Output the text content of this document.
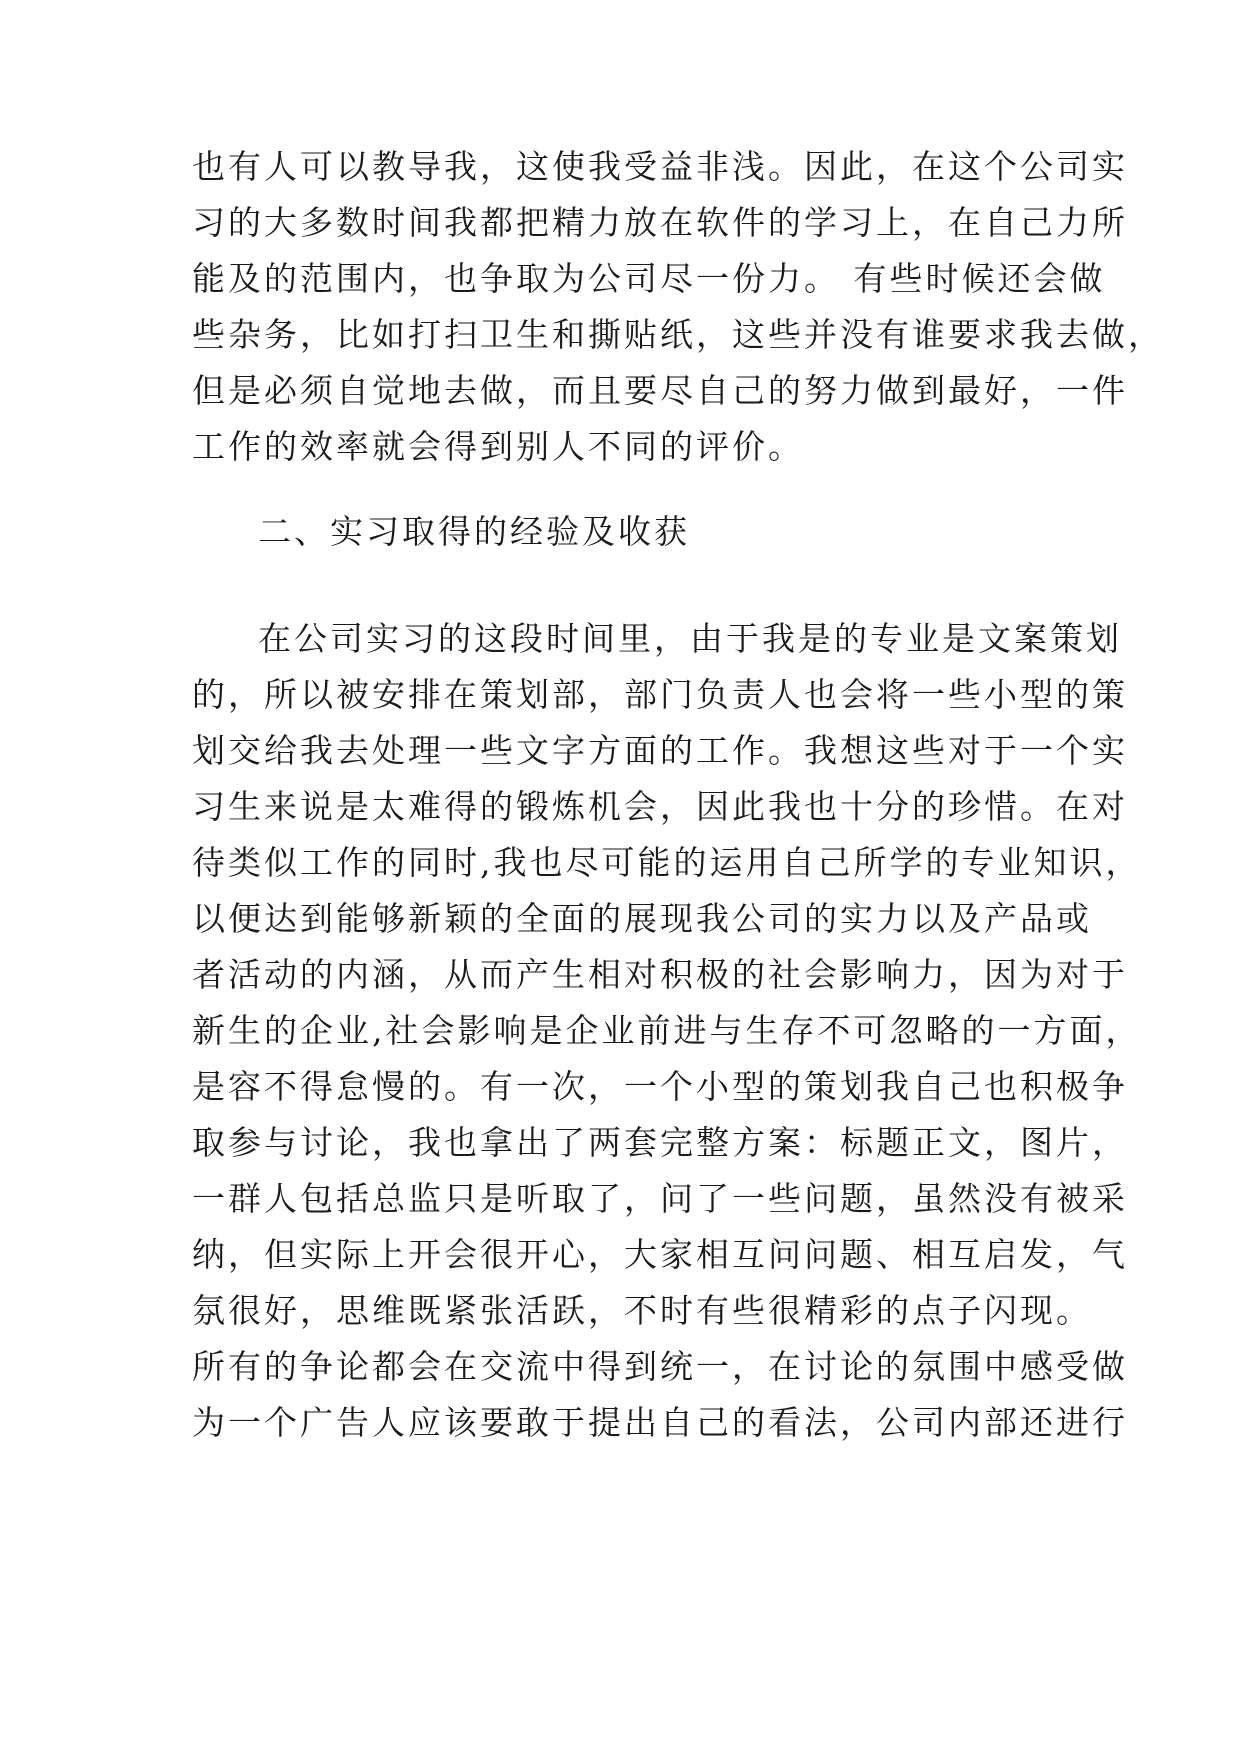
也有人可以教导我，这使我受益非浅。因此，在这个公司实
习的大多数时间我都把精力放在软件的学习上，在自己力所
能及的范围内，也争取为公司尽一份力。 有些时候还会做
些杂务，比如打扫卫生和撕贴纸，这些并没有谁要求我去做，
但是必须自觉地去做，而且要尽自己的努力做到最好，一件
工作的效率就会得到别人不同的评价。
二、实习取得的经验及收获
在公司实习的这段时间里，由于我是的专业是文案策划
的，所以被安排在策划部，部门负责人也会将一些小型的策
划交给我去处理一些文字方面的工作。我想这些对于一个实
习生来说是太难得的锻炼机会，因此我也十分的珍惜。在对
待类似工作的同时,我也尽可能的运用自己所学的专业知识，
以便达到能够新颖的全面的展现我公司的实力以及产品或
者活动的内涵，从而产生相对积极的社会影响力，因为对于
新生的企业,社会影响是企业前进与生存不可忽略的一方面，
是容不得怠慢的。有一次，一个小型的策划我自己也积极争
取参与讨论，我也拿出了两套完整方案：标题正文，图片，
一群人包括总监只是听取了，问了一些问题，虽然没有被采
纳，但实际上开会很开心，大家相互问问题、相互启发，气
氛很好，思维既紧张活跃，不时有些很精彩的点子闪现。
所有的争论都会在交流中得到统一，在讨论的氛围中感受做
为一个广告人应该要敢于提出自己的看法，公司内部还进行
